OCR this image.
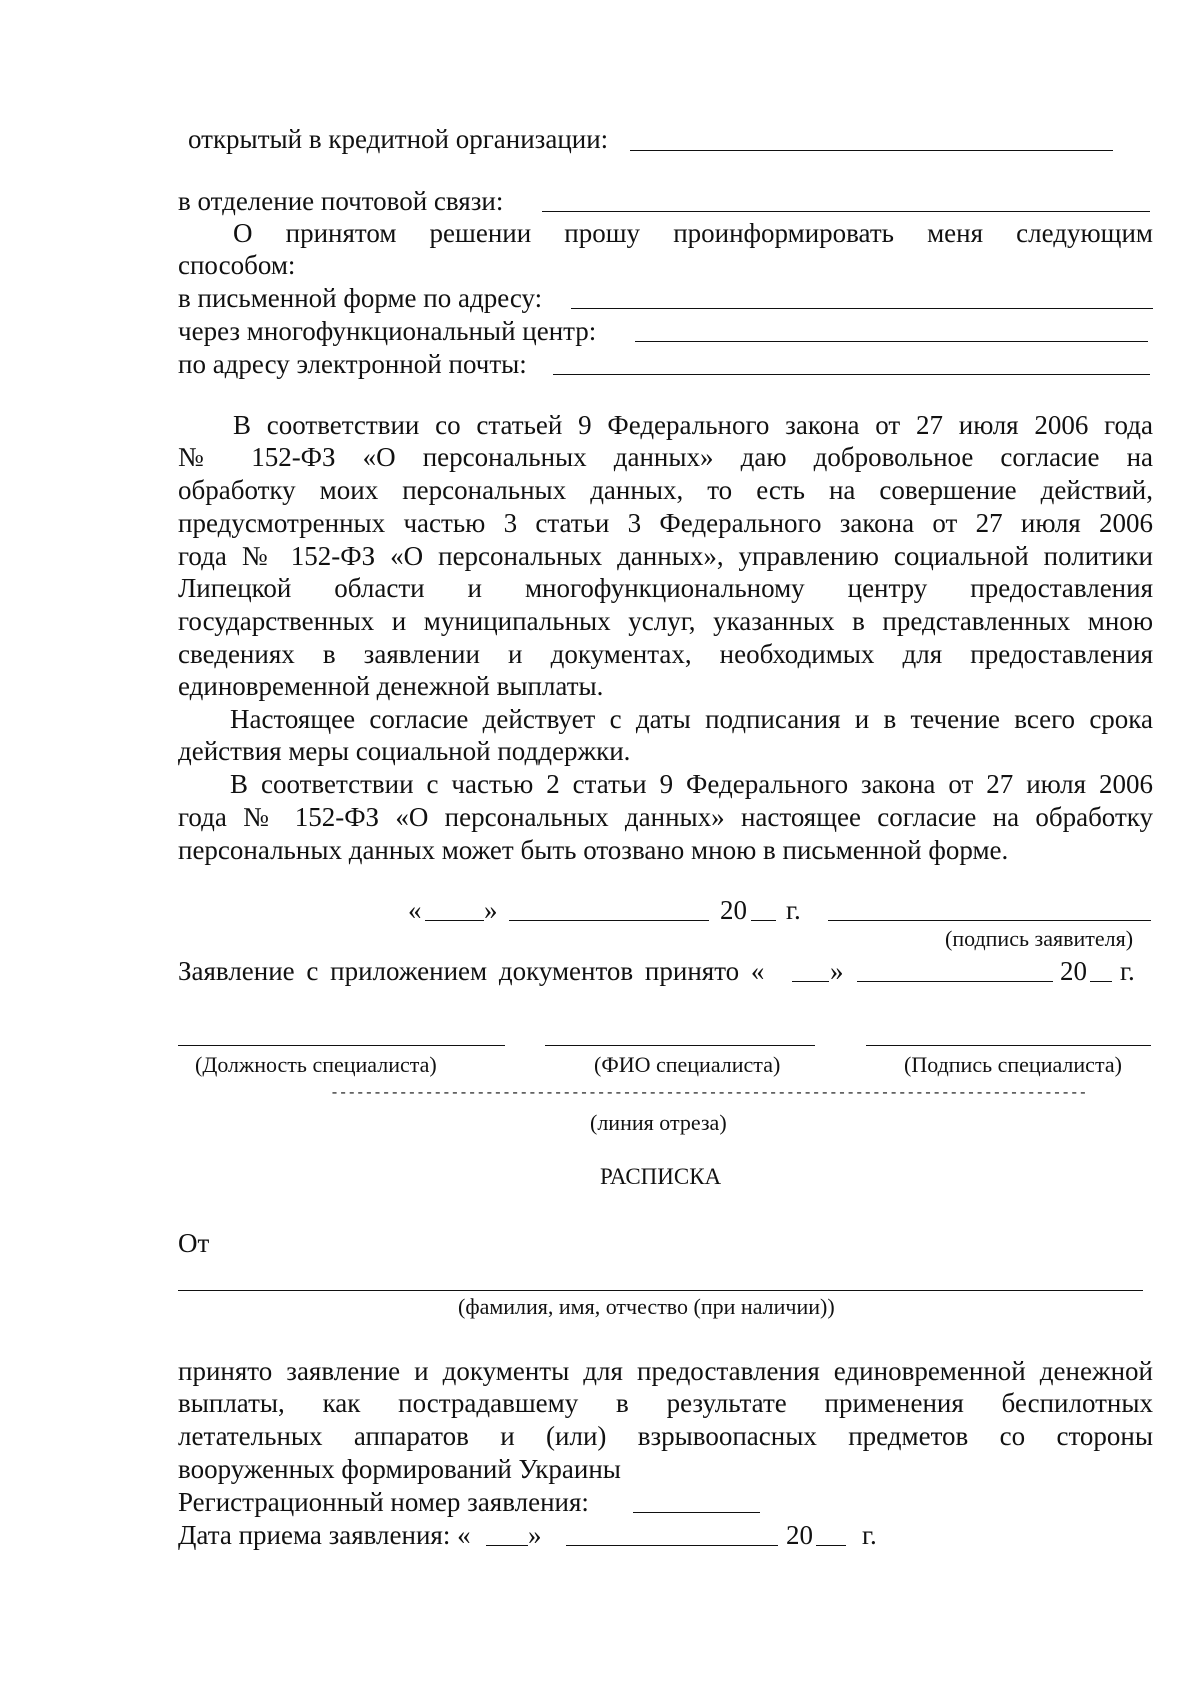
открытый в кредитной организации:
в отделение почтовой связи:
О принятом решении прошу проинформировать меня следующим
способом:
в письменной форме по адресу:
через многофункциональный центр:
по адресу электронной почты:
В соответствии со статьей 9 Федерального закона от 27 июля 2006 года
№ 152-ФЗ «О персональных данных» даю добровольное согласие на
обработку моих персональных данных, то есть на совершение действий,
предусмотренных частью 3 статьи 3 Федерального закона от 27 июля 2006
года № 152-ФЗ «О персональных данных», управлению социальной политики
Липецкой области и многофункциональному центру предоставления
государственных и муниципальных услуг, указанных в представленных мною
сведениях в заявлении и документах, необходимых для предоставления
единовременной денежной выплаты.
Настоящее согласие действует с даты подписания и в течение всего срока
действия меры социальной поддержки.
В соответствии с частью 2 статьи 9 Федерального закона от 27 июля 2006
года № 152-ФЗ «О персональных данных» настоящее согласие на обработку
персональных данных может быть отозвано мною в письменной форме.
« »	20 г.
(подпись заявителя)
Заявление с приложением документов принято « »	20 г.
(Должность специалиста)	(ФИО специалиста)	(Подпись специалиста)
----------------------------------------------------------------------------------------
(линия отреза)
РАСПИСКА
От
(фамилия, имя, отчество (при наличии))
принято заявление и документы для предоставления единовременной денежной
выплаты, как пострадавшему в результате применения беспилотных
летательных аппаратов и (или) взрывоопасных предметов со стороны
вооруженных формирований Украины
Регистрационный номер заявления:
Дата приема заявления: « »	20 г.
